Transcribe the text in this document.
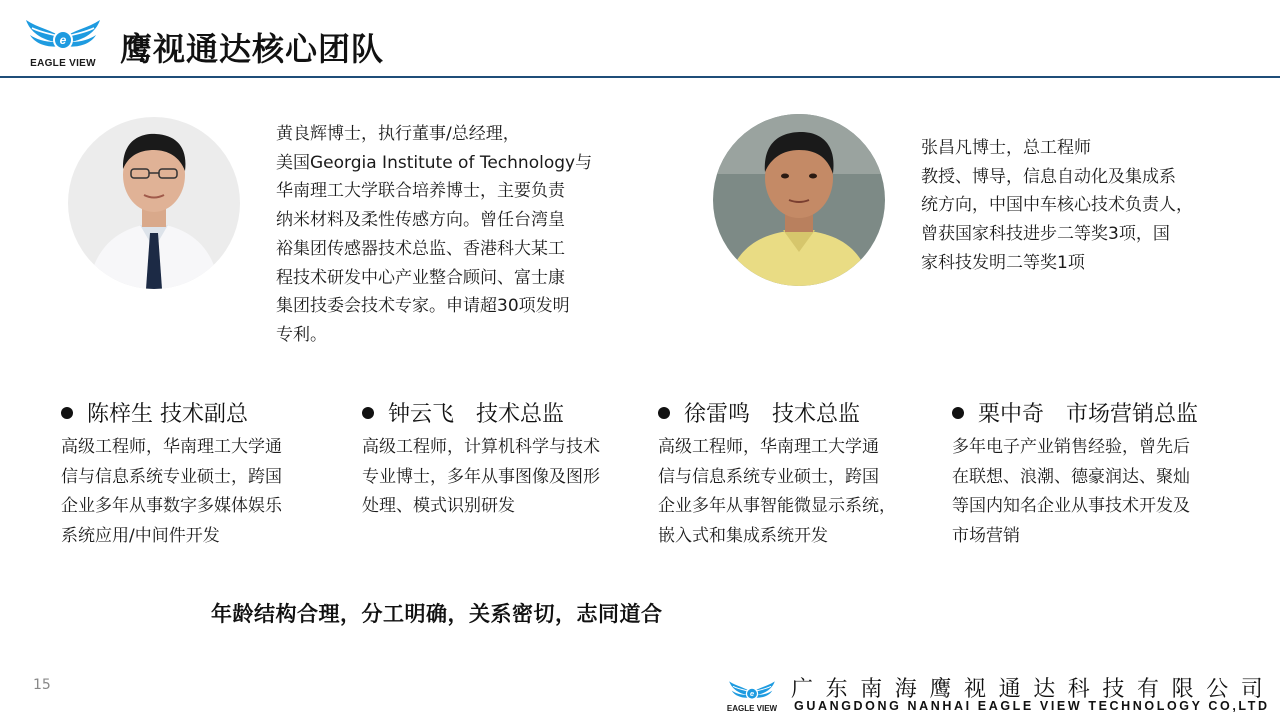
e
EAGLE VIEW 鹰视通达核心团队

黄良辉博士，执行董事/总经理，

美国Georgia Institute of Technology与

华南理工大学联合培养博士，主要负责

纳米材料及柔性传感方向。曾任台湾皇

裕集团传感器技术总监、香港科大某工

程技术研发中心产业整合顾问、富士康

集团技委会技术专家。申请超30项发明

专利。

张昌凡博士，总工程师

教授、博导，信息自动化及集成系

统方向，中国中车核心技术负责人，

曾获国家科技进步二等奖3项，国

家科技发明二等奖1项

陈梓生 技术副总
高级工程师，华南理工大学通
信与信息系统专业硕士，跨国
企业多年从事数字多媒体娱乐
系统应用/中间件开发
钟云飞　技术总监
高级工程师，计算机科学与技术
专业博士，多年从事图像及图形
处理、模式识别研发
徐雷鸣　技术总监
高级工程师，华南理工大学通
信与信息系统专业硕士，跨国
企业多年从事智能微显示系统，
嵌入式和集成系统开发
栗中奇　市场营销总监
多年电子产业销售经验，曾先后
在联想、浪潮、德豪润达、聚灿
等国内知名企业从事技术开发及
市场营销
年龄结构合理，分工明确，关系密切，志同道合
15
e
EAGLE VIEW
广东南海鹰视通达科技有限公司
GUANGDONG NANHAI EAGLE VIEW TECHNOLOGY CO,LTD
